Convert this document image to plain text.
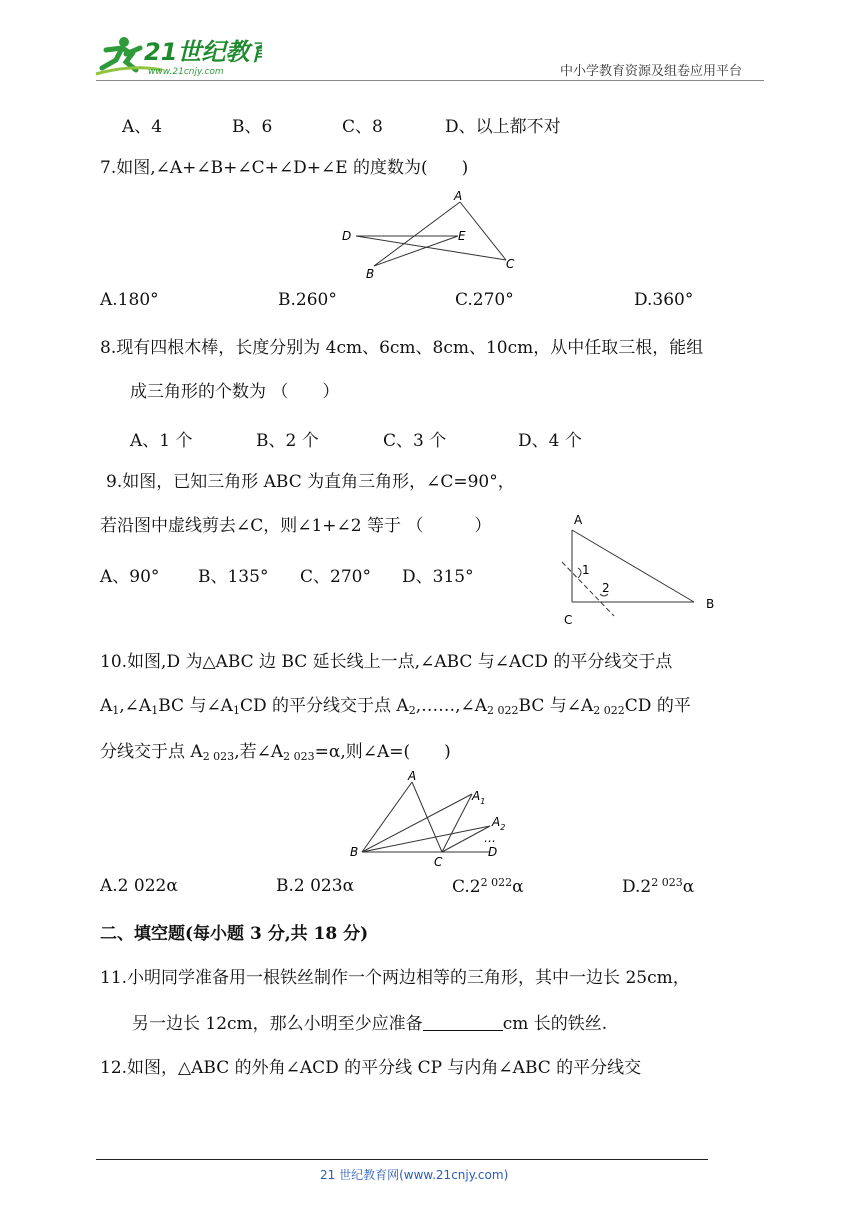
21世纪教育
www.21cnjy.com	中小学教育资源及组卷应用平台
A、4	B、6	C、8	D、以上都不对
7.如图,∠A+∠B+∠C+∠D+∠E 的度数为(　　)
A
D	E
B
C
A.180°	B.260°	C.270°	D.360°
8.现有四根木棒，长度分别为 4cm、6cm、8cm、10cm，从中任取三根，能组
成三角形的个数为 （　　）
A、1 个	B、2 个	C、3 个	D、4 个
9.如图，已知三角形 ABC 为直角三角形，∠C=90°，
若沿图中虚线剪去∠C，则∠1+∠2 等于 （　　　）
A、90° B、135° C、270° D、315°
A
1
2
C
B
10.如图,D 为△ABC 边 BC 延长线上一点,∠ABC 与∠ACD 的平分线交于点
$A_1,\angle A_1BC$ 与$\angle A_1CD$ 的平分线交于点 $A_2,\dots\dots,\angle A_{2 022}BC$ 与$\angle A_{2 022}CD$ 的平
分线交于点 $A_{2 023}$,若$\angle A_{2 023}=\alpha$,则∠A=(　　)
A
$A_1$
$A_2$
…
B
C
D
A.2 022α	B.2 023α	$C.2^{2 022}\alpha$	$D.2^{2 023}\alpha$
二、填空题(每小题 3 分,共 18 分)
11.小明同学准备用一根铁丝制作一个两边相等的三角形，其中一边长 25cm，
另一边长 12cm，那么小明至少应准备	cm 长的铁丝.
12.如图，△ABC 的外角∠ACD 的平分线 CP 与内角∠ABC 的平分线交
21 世纪教育网(www.21cnjy.com)
